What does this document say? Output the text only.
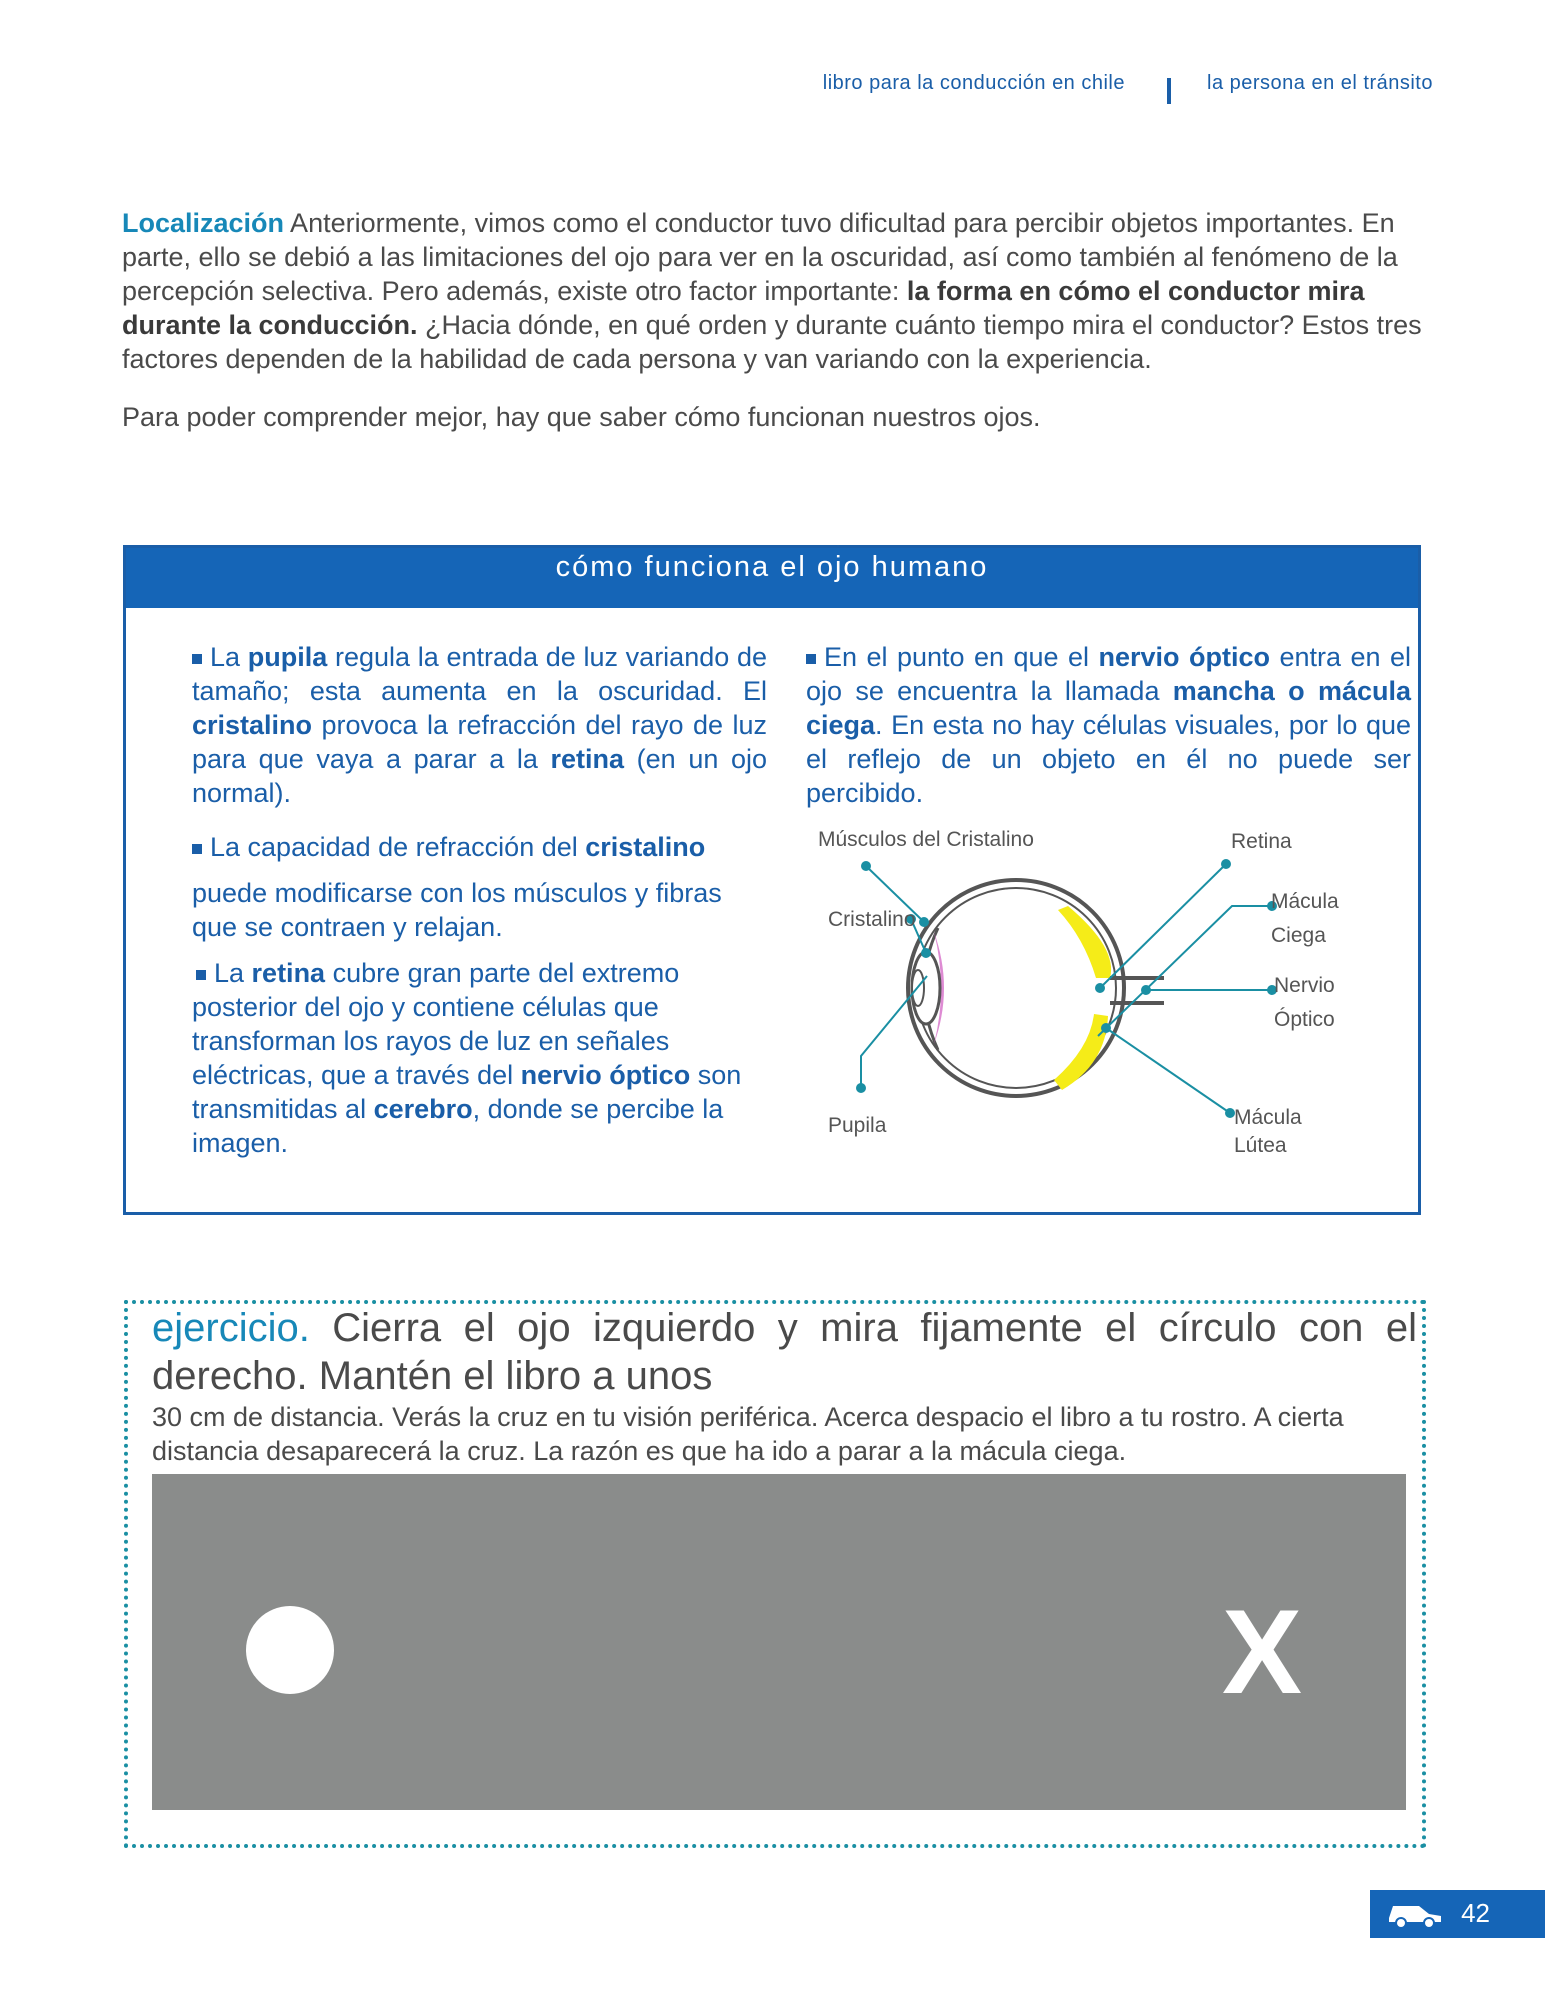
libro para la conducción en chile	la persona en el tránsito

Localización Anteriormente, vimos como el conductor tuvo dificultad para percibir objetos importantes. En parte, ello se debió a las limitaciones del ojo para ver en la oscuridad, así como también al fenómeno de la percepción selectiva. Pero además, existe otro factor importante: la forma en cómo el conductor mira durante la conducción. ¿Hacia dónde, en qué orden y durante cuánto tiempo mira el conductor? Estos tres factores dependen de la habilidad de cada persona y van variando con la experiencia.

Para poder comprender mejor, hay que saber cómo funcionan nuestros ojos.

cómo funciona el ojo humano

La pupila regula la entrada de luz variando de tamaño; esta aumenta en la oscuridad. El cristalino provoca la refracción del rayo de luz para que vaya a parar a la retina (en un ojo normal).

La capacidad de refracción del cristalino
puede modificarse con los músculos y fibras que se contraen y relajan.

La retina cubre gran parte del extremo posterior del ojo y contiene células que transforman los rayos de luz en señales eléctricas, que a través del nervio óptico son transmitidas al cerebro, donde se percibe la imagen.

En el punto en que el nervio óptico entra en el ojo se encuentra la llamada mancha o mácula ciega. En esta no hay células visuales, por lo que el reflejo de un objeto en él no puede ser percibido.
Músculos del Cristalino	Retina
Cristalino
Mácula
Ciega
Nervio
Óptico
Pupila	Mácula
Lútea
ejercicio. Cierra el ojo izquierdo y mira fijamente el círculo con el derecho. Mantén el libro a unos
30 cm de distancia. Verás la cruz en tu visión periférica. Acerca despacio el libro a tu rostro. A cierta distancia desaparecerá la cruz. La razón es que ha ido a parar a la mácula ciega.
X
42
